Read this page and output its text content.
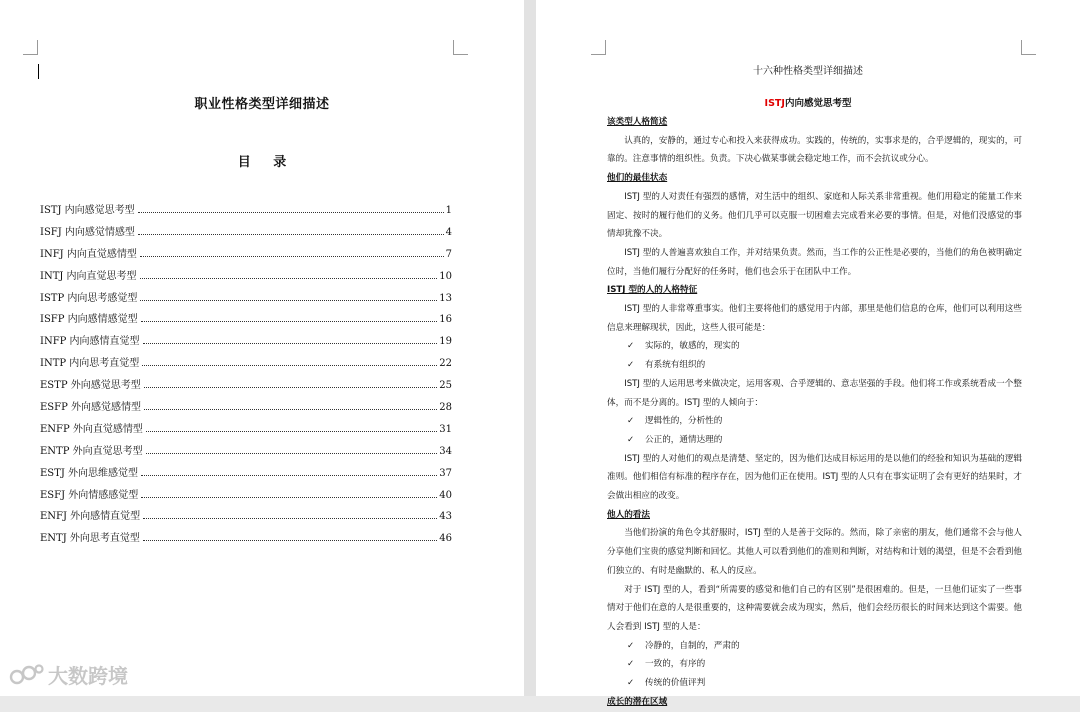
职业性格类型详细描述
目 录
ISTJ 内向感觉思考型	1
ISFJ 内向感觉情感型	4
INFJ 内向直觉感情型	7
INTJ 内向直觉思考型	10
ISTP 内向思考感觉型	13
ISFP 内向感情感觉型	16
INFP 内向感情直觉型	19
INTP 内向思考直觉型	22
ESTP 外向感觉思考型	25
ESFP 外向感觉感情型	28
ENFP 外向直觉感情型	31
ENTP 外向直觉思考型	34
ESTJ 外向思维感觉型	37
ESFJ 外向情感感觉型	40
ENFJ 外向感情直觉型	43
ENTJ 外向思考直觉型	46
十六种性格类型详细描述
ISTJ内向感觉思考型
该类型人格简述
认真的，安静的，通过专心和投入来获得成功。实践的，传统的，实事求是的，合乎逻辑的，现实的，可靠的。注意事情的组织性。负责。下决心做某事就会稳定地工作，而不会抗议或分心。
他们的最佳状态
ISTJ 型的人对责任有强烈的感情，对生活中的组织、家庭和人际关系非常重视。他们用稳定的能量工作来固定、按时的履行他们的义务。他们几乎可以克服一切困难去完成看来必要的事情。但是，对他们没感觉的事情却犹豫不决。
ISTJ 型的人普遍喜欢独自工作，并对结果负责。然而，当工作的公正性是必要的，当他们的角色被明确定位时，当他们履行分配好的任务时，他们也会乐于在团队中工作。
ISTJ 型的人的人格特征
ISTJ 型的人非常尊重事实。他们主要将他们的感觉用于内部，那里是他们信息的仓库，他们可以利用这些信息来理解现状，因此，这些人很可能是：
✓ 实际的，敏感的，现实的
✓ 有系统有组织的
ISTJ 型的人运用思考来做决定，运用客观、合乎逻辑的、意志坚强的手段。他们将工作或系统看成一个整体，而不是分离的。ISTJ 型的人倾向于：
✓ 逻辑性的，分析性的
✓ 公正的，通情达理的
ISTJ 型的人对他们的观点是清楚、坚定的，因为他们达成目标运用的是以他们的经验和知识为基础的逻辑准则。他们相信有标准的程序存在，因为他们正在使用。ISTJ 型的人只有在事实证明了会有更好的结果时，才会做出相应的改变。
他人的看法
当他们扮演的角色令其舒服时，ISTJ 型的人是善于交际的。然而，除了亲密的朋友，他们通常不会与他人分享他们宝贵的感觉判断和回忆。其他人可以看到他们的准则和判断，对结构和计划的渴望，但是不会看到他们独立的、有时是幽默的、私人的反应。
对于 ISTJ 型的人，看到“所需要的感觉和他们自己的有区别”是很困难的。但是，一旦他们证实了一些事情对于他们在意的人是很重要的，这种需要就会成为现实，然后，他们会经历很长的时间来达到这个需要。他人会看到 ISTJ 型的人是：
✓ 冷静的，自制的，严肃的
✓ 一致的，有序的
✓ 传统的价值评判
成长的潜在区域
大数跨境
